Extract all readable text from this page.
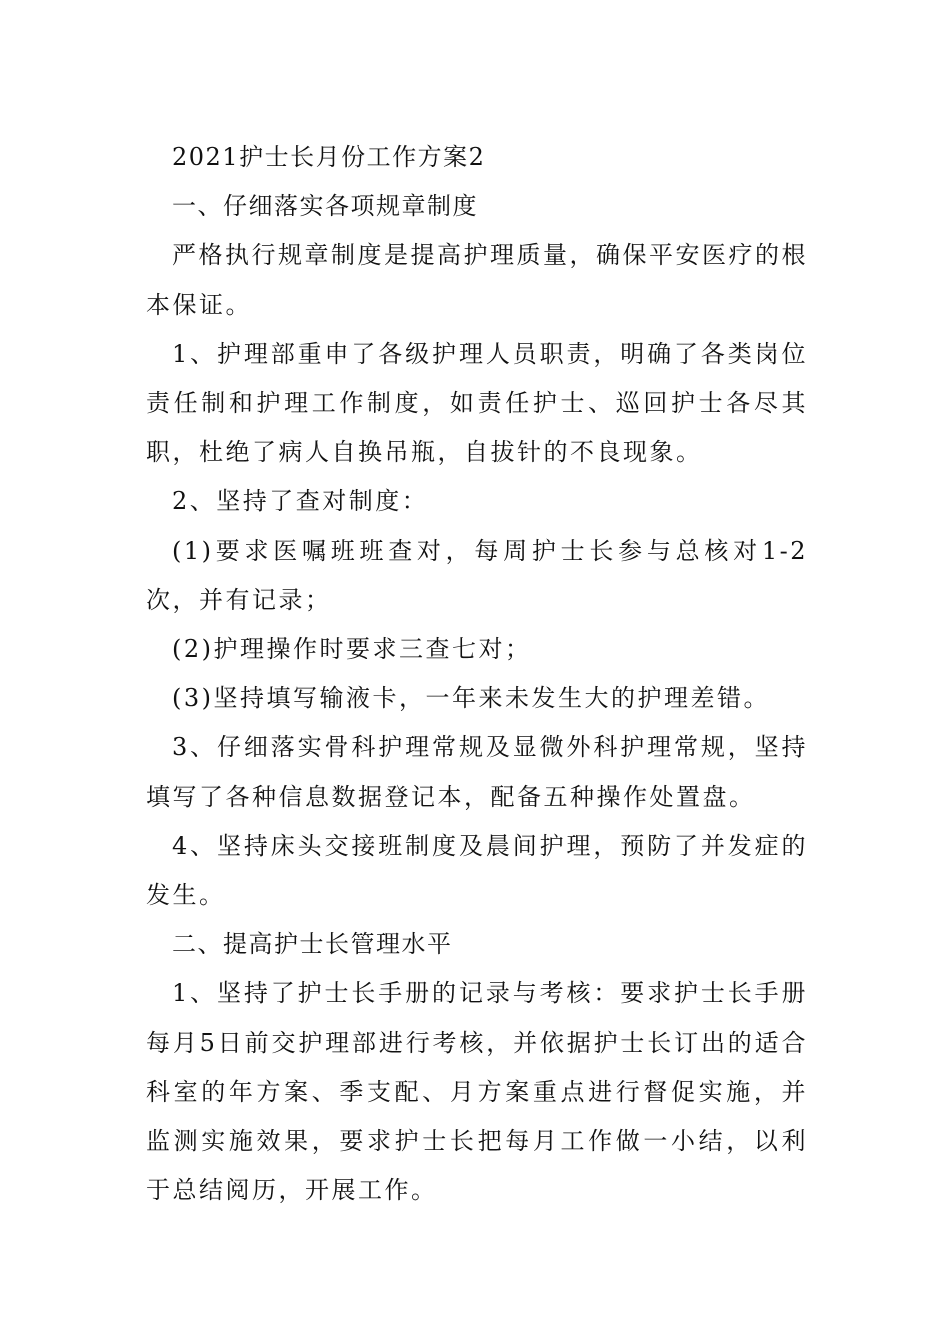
2021护士长月份工作方案2

一、仔细落实各项规章制度

严格执行规章制度是提高护理质量，确保平安医疗的根本保证。

1、护理部重申了各级护理人员职责，明确了各类岗位责任制和护理工作制度，如责任护士、巡回护士各尽其职，杜绝了病人自换吊瓶，自拔针的不良现象。

2、坚持了查对制度：

(1)要求医嘱班班查对，每周护士长参与总核对1-2次，并有记录；

(2)护理操作时要求三查七对；

(3)坚持填写输液卡，一年来未发生大的护理差错。

3、仔细落实骨科护理常规及显微外科护理常规，坚持填写了各种信息数据登记本，配备五种操作处置盘。

4、坚持床头交接班制度及晨间护理，预防了并发症的发生。

二、提高护士长管理水平

1、坚持了护士长手册的记录与考核：要求护士长手册每月5日前交护理部进行考核，并依据护士长订出的适合科室的年方案、季支配、月方案重点进行督促实施，并监测实施效果，要求护士长把每月工作做一小结，以利于总结阅历，开展工作。
